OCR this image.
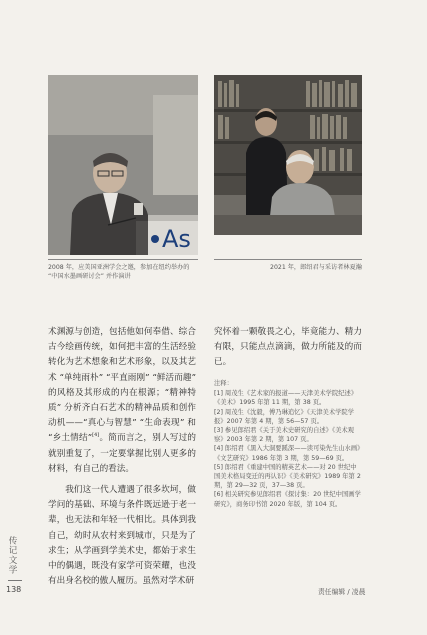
As
2008 年，应美国亚洲学会之邀，参加在纽约举办的 “中国水墨画研讨会” 并作演讲
2021 年，郎绍君与采访者林夏瀚

术渊源与创造，包括他如何奉借、综合古今绘画传统，如何把丰富的生活经验转化为艺术想象和艺术形象，以及其艺术 “单纯雨朴” “平直雨刚” “鲜活而趣” 的风格及其形成的内在根源；“精神特质” 分析齐白石艺术的精神品质和创作动机——“真心与智慧” “生命表现” 和 “乡土情结”[4]。简而言之，别人写过的就别重复了，一定要掌握比别人更多的材料，有自己的看法。

我们这一代人遭遇了很多坎坷，做学问的基础、环境与条件既远逊于老一辈，也无法和年轻一代相比。具体到我自己，幼时从农村来到城市，只是为了求生；从学画到学美术史，都始于求生中的偶遇，既没有家学可资荣耀，也没有出身名校的傲人履历。虽然对学术研

究怀着一颗敬畏之心，毕竟能力、精力有限，只能点点滴滴，做力所能及的而已。

注释：

[1] 周茂生《艺术家的报道——天津美术学院纪述》《美术》1995 年第 11 期，第 38 页。

[2] 周茂生《沈毅，傅乃琳追忆》《天津美术学院学报》2007 年第 4 期，第 56—57 页。

[3] 参见郎绍君《关于美术史研究的自述》《美术观察》2003 年第 2 期，第 107 页。

[4] 郎绍君《黑入大洞要蹊深——读可染先生山水画》《文艺研究》1986 年第 3 期，第 59—69 页。

[5] 郎绍君《重建中国的精英艺术——对 20 世纪中国美术格局变迁的再认识》《美术研究》1989 年第 2 期，第 29—32 页，37—38 页。

[6] 相关研究参见郎绍君《探讨集：20 世纪中国画学研究》，商务印书馆 2020 年版，第 104 页。

传记文学
138	责任编辑 / 凌晨
